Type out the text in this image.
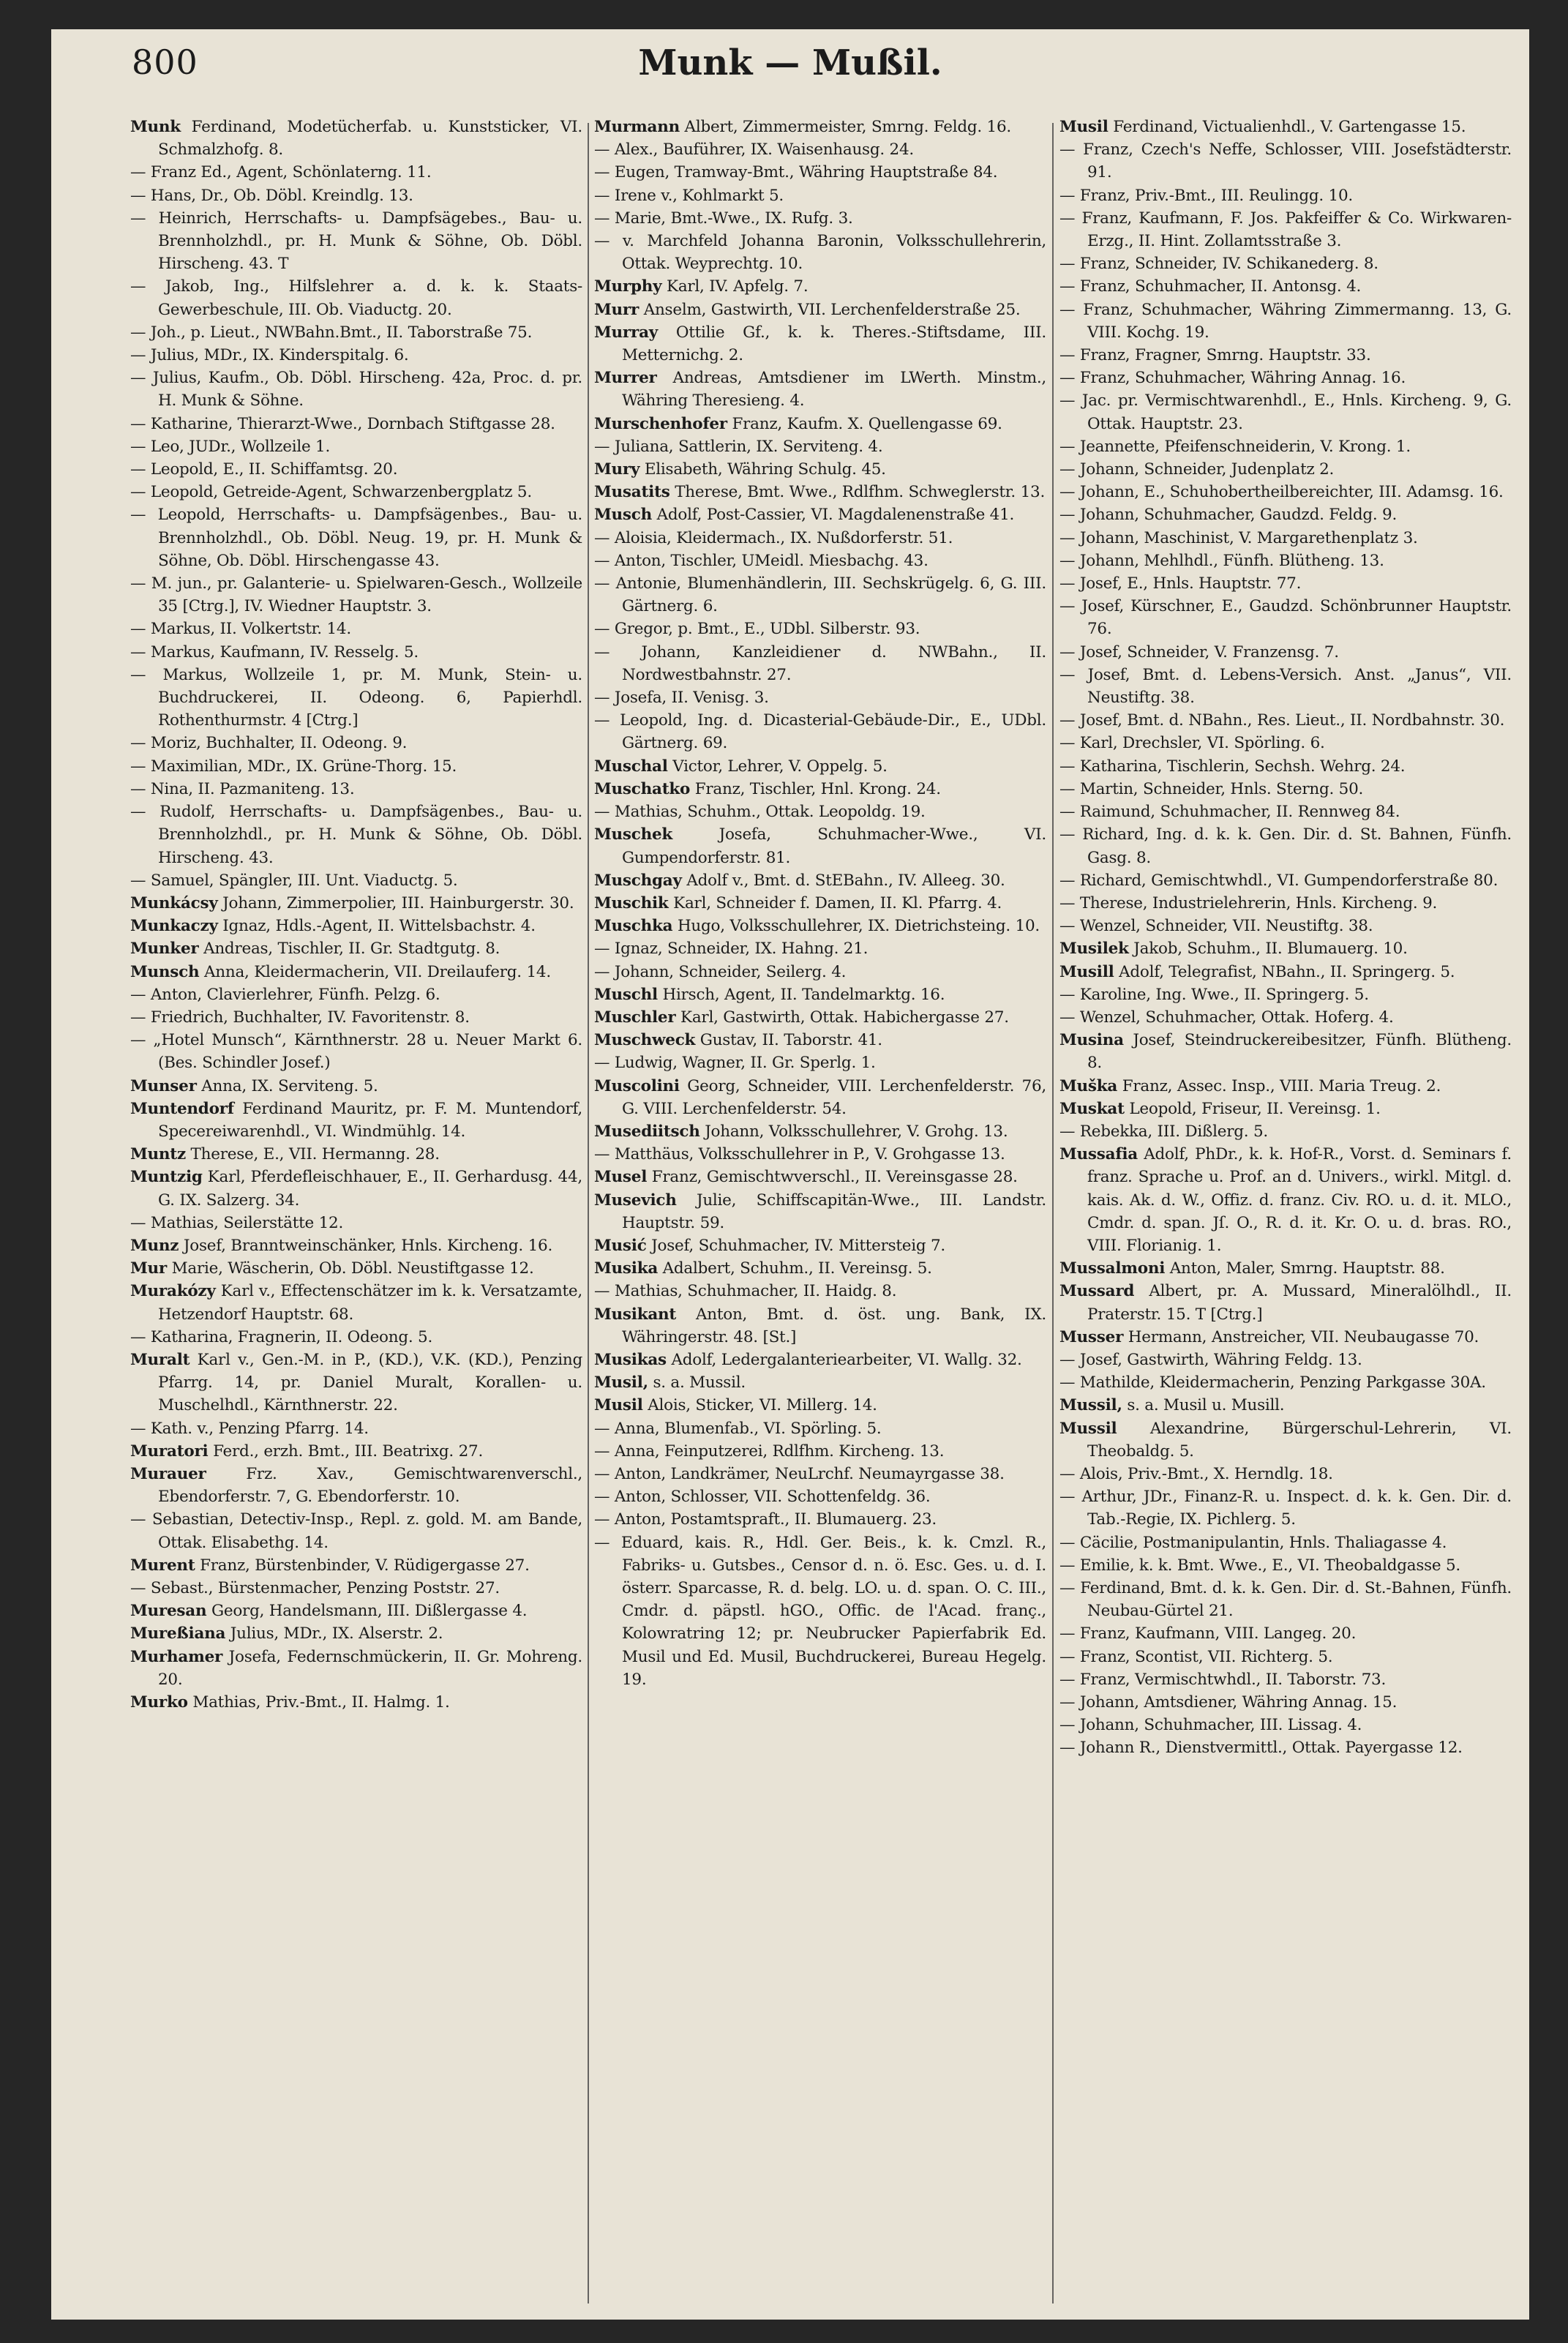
800	Munk — Mußil.

Munk Ferdinand, Modetücherfab. u. Kunststicker, VI. Schmalzhofg. 8.

— Franz Ed., Agent, Schönlaterng. 11.

— Hans, Dr., Ob. Döbl. Kreindlg. 13.

— Heinrich, Herrschafts- u. Dampfsägebes., Bau- u. Brennholzhdl., pr. H. Munk & Söhne, Ob. Döbl. Hirscheng. 43. T

— Jakob, Ing., Hilfslehrer a. d. k. k. Staats-Gewerbeschule, III. Ob. Viaductg. 20.

— Joh., p. Lieut., NWBahn.Bmt., II. Taborstraße 75.

— Julius, MDr., IX. Kinderspitalg. 6.

— Julius, Kaufm., Ob. Döbl. Hirscheng. 42a, Proc. d. pr. H. Munk & Söhne.

— Katharine, Thierarzt-Wwe., Dornbach Stiftgasse 28.

— Leo, JUDr., Wollzeile 1.

— Leopold, E., II. Schiffamtsg. 20.

— Leopold, Getreide-Agent, Schwarzenbergplatz 5.

— Leopold, Herrschafts- u. Dampfsägenbes., Bau- u. Brennholzhdl., Ob. Döbl. Neug. 19, pr. H. Munk & Söhne, Ob. Döbl. Hirschengasse 43.

— M. jun., pr. Galanterie- u. Spielwaren-Gesch., Wollzeile 35 [Ctrg.], IV. Wiedner Hauptstr. 3.

— Markus, II. Volkertstr. 14.

— Markus, Kaufmann, IV. Resselg. 5.

— Markus, Wollzeile 1, pr. M. Munk, Stein- u. Buchdruckerei, II. Odeong. 6, Papierhdl. Rothenthurmstr. 4 [Ctrg.]

— Moriz, Buchhalter, II. Odeong. 9.

— Maximilian, MDr., IX. Grüne-Thorg. 15.

— Nina, II. Pazmaniteng. 13.

— Rudolf, Herrschafts- u. Dampfsägenbes., Bau- u. Brennholzhdl., pr. H. Munk & Söhne, Ob. Döbl. Hirscheng. 43.

— Samuel, Spängler, III. Unt. Viaductg. 5.

Munkácsy Johann, Zimmerpolier, III. Hainburgerstr. 30.

Munkaczy Ignaz, Hdls.-Agent, II. Wittelsbachstr. 4.

Munker Andreas, Tischler, II. Gr. Stadtgutg. 8.

Munsch Anna, Kleidermacherin, VII. Dreilauferg. 14.

— Anton, Clavierlehrer, Fünfh. Pelzg. 6.

— Friedrich, Buchhalter, IV. Favoritenstr. 8.

— „Hotel Munsch“, Kärnthnerstr. 28 u. Neuer Markt 6. (Bes. Schindler Josef.)

Munser Anna, IX. Serviteng. 5.

Muntendorf Ferdinand Mauritz, pr. F. M. Muntendorf, Specereiwarenhdl., VI. Windmühlg. 14.

Muntz Therese, E., VII. Hermanng. 28.

Muntzig Karl, Pferdefleischhauer, E., II. Gerhardusg. 44, G. IX. Salzerg. 34.

— Mathias, Seilerstätte 12.

Munz Josef, Branntweinschänker, Hnls. Kircheng. 16.

Mur Marie, Wäscherin, Ob. Döbl. Neustiftgasse 12.

Murakózy Karl v., Effectenschätzer im k. k. Versatzamte, Hetzendorf Hauptstr. 68.

— Katharina, Fragnerin, II. Odeong. 5.

Muralt Karl v., Gen.-M. in P., (KD.), V.K. (KD.), Penzing Pfarrg. 14, pr. Daniel Muralt, Korallen- u. Muschelhdl., Kärnthnerstr. 22.

— Kath. v., Penzing Pfarrg. 14.

Muratori Ferd., erzh. Bmt., III. Beatrixg. 27.

Murauer	Frz. Xav., Gemischtwarenverschl., Ebendorferstr. 7, G. Ebendorferstr. 10.

— Sebastian, Detectiv-Insp., Repl. z. gold. M. am Bande, Ottak. Elisabethg. 14.

Murent Franz, Bürstenbinder, V. Rüdigergasse 27.

— Sebast., Bürstenmacher, Penzing Poststr. 27.

Muresan Georg, Handelsmann, III. Dißlergasse 4.

Mureßiana Julius, MDr., IX. Alserstr. 2.

Murhamer Josefa, Federnschmückerin, II. Gr. Mohreng. 20.

Murko Mathias, Priv.-Bmt., II. Halmg. 1.

Murmann Albert, Zimmermeister, Smrng. Feldg. 16.

— Alex., Bauführer, IX. Waisenhausg. 24.

— Eugen, Tramway-Bmt., Währing Hauptstraße 84.

— Irene v., Kohlmarkt 5.

— Marie, Bmt.-Wwe., IX. Rufg. 3.

— v. Marchfeld Johanna Baronin, Volksschullehrerin, Ottak. Weyprechtg. 10.

Murphy Karl, IV. Apfelg. 7.

Murr Anselm, Gastwirth, VII. Lerchenfelderstraße 25.

Murray Ottilie Gf., k. k. Theres.-Stiftsdame, III. Metternichg. 2.

Murrer Andreas, Amtsdiener im LWerth. Minstm., Währing Theresieng. 4.

Murschenhofer Franz, Kaufm. X. Quellengasse 69.

— Juliana, Sattlerin, IX. Serviteng. 4.

Mury Elisabeth, Währing Schulg. 45.

Musatits Therese, Bmt. Wwe., Rdlfhm. Schweglerstr. 13.

Musch Adolf, Post-Cassier, VI. Magdalenenstraße 41.

— Aloisia, Kleidermach., IX. Nußdorferstr. 51.

— Anton, Tischler, UMeidl. Miesbachg. 43.

— Antonie, Blumenhändlerin, III. Sechskrügelg. 6, G. III. Gärtnerg. 6.

— Gregor, p. Bmt., E., UDbl. Silberstr. 93.

— Johann, Kanzleidiener d. NWBahn., II. Nordwestbahnstr. 27.

— Josefa, II. Venisg. 3.

— Leopold, Ing. d. Dicasterial-Gebäude-Dir., E., UDbl. Gärtnerg. 69.

Muschal Victor, Lehrer, V. Oppelg. 5.

Muschatko Franz, Tischler, Hnl. Krong. 24.

— Mathias, Schuhm., Ottak. Leopoldg. 19.

Muschek	Josefa, Schuhmacher-Wwe., VI. Gumpendorferstr. 81.

Muschgay Adolf v., Bmt. d. StEBahn., IV. Alleeg. 30.

Muschik Karl, Schneider f. Damen, II. Kl. Pfarrg. 4.

Muschka Hugo, Volksschullehrer, IX. Dietrichsteing. 10.

— Ignaz, Schneider, IX. Hahng. 21.

— Johann, Schneider, Seilerg. 4.

Muschl Hirsch, Agent, II. Tandelmarktg. 16.

Muschler Karl, Gastwirth, Ottak. Habichergasse 27.

Muschweck Gustav, II. Taborstr. 41.

— Ludwig, Wagner, II. Gr. Sperlg. 1.

Muscolini Georg, Schneider, VIII. Lerchenfelderstr. 76, G. VIII. Lerchenfelderstr. 54.

Musediitsch Johann, Volksschullehrer, V. Grohg. 13.

— Matthäus, Volksschullehrer in P., V. Grohgasse 13.

Musel Franz, Gemischtwverschl., II. Vereinsgasse 28.

Musevich Julie, Schiffscapitän-Wwe., III. Landstr. Hauptstr. 59.

Musić Josef, Schuhmacher, IV. Mittersteig 7.

Musika Adalbert, Schuhm., II. Vereinsg. 5.

— Mathias, Schuhmacher, II. Haidg. 8.

Musikant Anton, Bmt. d. öst. ung. Bank, IX. Währingerstr. 48. [St.]

Musikas Adolf, Ledergalanteriearbeiter, VI. Wallg. 32.

Musil, s. a. Mussil.

Musil Alois, Sticker, VI. Millerg. 14.

— Anna, Blumenfab., VI. Spörling. 5.

— Anna, Feinputzerei, Rdlfhm. Kircheng. 13.

— Anton, Landkrämer, NeuLrchf. Neumayrgasse 38.

— Anton, Schlosser, VII. Schottenfeldg. 36.

— Anton, Postamtspraft., II. Blumauerg. 23.

— Eduard, kais. R., Hdl. Ger. Beis., k. k. Cmzl. R., Fabriks- u. Gutsbes., Censor d. n. ö. Esc. Ges. u. d. I. österr. Sparcasse, R. d. belg. LO. u. d. span. O. C. III., Cmdr. d. päpstl. hGO., Offic. de l'Acad. franç., Kolowratring 12; pr. Neubrucker Papierfabrik Ed. Musil und Ed. Musil, Buchdruckerei, Bureau Hegelg. 19.

Musil Ferdinand, Victualienhdl., V. Gartengasse 15.

— Franz, Czech's Neffe, Schlosser, VIII. Josefstädterstr. 91.

— Franz, Priv.-Bmt., III. Reulingg. 10.

— Franz, Kaufmann, F. Jos. Pakfeiffer & Co. Wirkwaren-Erzg., II. Hint. Zollamtsstraße 3.

— Franz, Schneider, IV. Schikanederg. 8.

— Franz, Schuhmacher, II. Antonsg. 4.

— Franz, Schuhmacher, Währing Zimmermanng. 13, G. VIII. Kochg. 19.

— Franz, Fragner, Smrng. Hauptstr. 33.

— Franz, Schuhmacher, Währing Annag. 16.

— Jac. pr. Vermischtwarenhdl., E., Hnls. Kircheng. 9, G. Ottak. Hauptstr. 23.

— Jeannette, Pfeifenschneiderin, V. Krong. 1.

— Johann, Schneider, Judenplatz 2.

— Johann, E., Schuhobertheilbereichter, III. Adamsg. 16.

— Johann, Schuhmacher, Gaudzd. Feldg. 9.

— Johann, Maschinist, V. Margarethenplatz 3.

— Johann, Mehlhdl., Fünfh. Blütheng. 13.

— Josef, E., Hnls. Hauptstr. 77.

— Josef, Kürschner, E., Gaudzd. Schönbrunner Hauptstr. 76.

— Josef, Schneider, V. Franzensg. 7.

— Josef, Bmt. d. Lebens-Versich. Anst. „Janus“, VII. Neustiftg. 38.

— Josef, Bmt. d. NBahn., Res. Lieut., II. Nordbahnstr. 30.

— Karl, Drechsler, VI. Spörling. 6.

— Katharina, Tischlerin, Sechsh. Wehrg. 24.

— Martin, Schneider, Hnls. Sterng. 50.

— Raimund, Schuhmacher, II. Rennweg 84.

— Richard, Ing. d. k. k. Gen. Dir. d. St. Bahnen, Fünfh. Gasg. 8.

— Richard, Gemischtwhdl., VI. Gumpendorferstraße 80.

— Therese, Industrielehrerin, Hnls. Kircheng. 9.

— Wenzel, Schneider, VII. Neustiftg. 38.

Musilek Jakob, Schuhm., II. Blumauerg. 10.

Musill Adolf, Telegrafist, NBahn., II. Springerg. 5.

— Karoline, Ing. Wwe., II. Springerg. 5.

— Wenzel, Schuhmacher, Ottak. Hoferg. 4.

Musina Josef, Steindruckereibesitzer, Fünfh. Blütheng. 8.

Muška Franz, Assec. Insp., VIII. Maria Treug. 2.

Muskat Leopold, Friseur, II. Vereinsg. 1.

— Rebekka, III. Dißlerg. 5.

Mussafia Adolf, PhDr., k. k. Hof-R., Vorst. d. Seminars f. franz. Sprache u. Prof. an d. Univers., wirkl. Mitgl. d. kais. Ak. d. W., Offiz. d. franz. Civ. RO. u. d. it. MLO., Cmdr. d. span. Jſ. O., R. d. it. Kr. O. u. d. bras. RO., VIII. Florianig. 1.

Mussalmoni Anton, Maler, Smrng. Hauptstr. 88.

Mussard Albert, pr. A. Mussard, Mineralölhdl., II. Praterstr. 15. T [Ctrg.]

Musser Hermann, Anstreicher, VII. Neubaugasse 70.

— Josef, Gastwirth, Währing Feldg. 13.

— Mathilde, Kleidermacherin, Penzing Parkgasse 30A.

Mussil, s. a. Musil u. Musill.

Mussil Alexandrine, Bürgerschul-Lehrerin, VI. Theobaldg. 5.

— Alois, Priv.-Bmt., X. Herndlg. 18.

— Arthur, JDr., Finanz-R. u. Inspect. d. k. k. Gen. Dir. d. Tab.-Regie, IX. Pichlerg. 5.

— Cäcilie, Postmanipulantin, Hnls. Thaliagasse 4.

— Emilie, k. k. Bmt. Wwe., E., VI. Theobaldgasse 5.

— Ferdinand, Bmt. d. k. k. Gen. Dir. d. St.-Bahnen, Fünfh. Neubau-Gürtel 21.

— Franz, Kaufmann, VIII. Langeg. 20.

— Franz, Scontist, VII. Richterg. 5.

— Franz, Vermischtwhdl., II. Taborstr. 73.

— Johann, Amtsdiener, Währing Annag. 15.

— Johann, Schuhmacher, III. Lissag. 4.

— Johann R., Dienstvermittl., Ottak. Payergasse 12.
